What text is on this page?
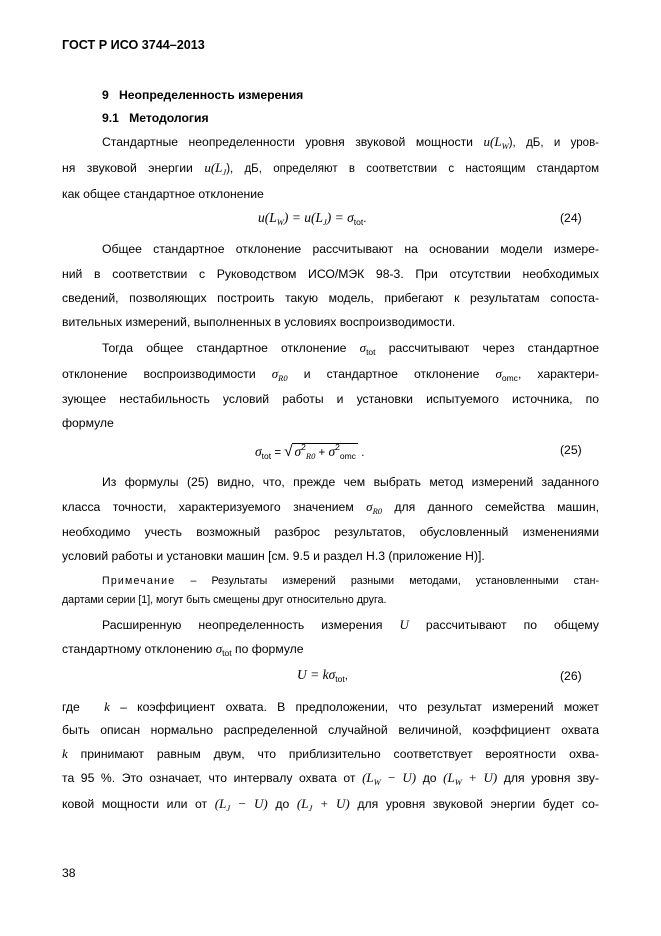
ГОСТ Р ИСО 3744–2013
9 Неопределенность измерения
9.1 Методология
Стандартные неопределенности уровня звуковой мощности $u(L_W)$, дБ, и уров-
ня звуковой энергии $u(L_J)$, дБ, определяют в соответствии с настоящим стандартом
как общее стандартное отклонение
$u(L_W) = u(L_J) = \sigma_{tot}$.	(24)
Общее стандартное отклонение рассчитывают на основании модели измере-
ний в соответствии с Руководством ИСО/МЭК 98-3. При отсутствии необходимых
сведений, позволяющих построить такую модель, прибегают к результатам сопоста-
вительных измерений, выполненных в условиях воспроизводимости.
Тогда общее стандартное отклонение $\sigma_{tot}$ рассчитывают через стандартное
отклонение воспроизводимости $\sigma_{R0}$ и стандартное отклонение $\sigma_{omc}$, характери-
зующее нестабильность условий работы и установки испытуемого источника, по
формуле
$\sigma_{tot}$ = √ $\sigma^2_{R0} + \sigma^2_{omc}$ .	(25)
Из формулы (25) видно, что, прежде чем выбрать метод измерений заданного
класса точности, характеризуемого значением $\sigma_{R0}$ для данного семейства машин,
необходимо учесть возможный разброс результатов, обусловленный изменениями
условий работы и установки машин [см. 9.5 и раздел Н.3 (приложение Н)].
Примечание – Результаты измерений разными методами, установленными стан-
дартами серии [1], могут быть смещены друг относительно друга.
Расширенную неопределенность измерения U рассчитывают по общему
стандартному отклонению $\sigma_{tot}$ по формуле
$U = k\sigma_{tot}$,	(26)
где k – коэффициент охвата. В предположении, что результат измерений может
быть описан нормально распределенной случайной величиной, коэффициент охвата
k принимают равным двум, что приблизительно соответствует вероятности охва-
та 95 %. Это означает, что интервалу охвата от $(L_W - U)$ до $(L_W + U)$ для уровня зву-
ковой мощности или от $(L_J - U)$ до $(L_J + U)$ для уровня звуковой энергии будет со-
38
